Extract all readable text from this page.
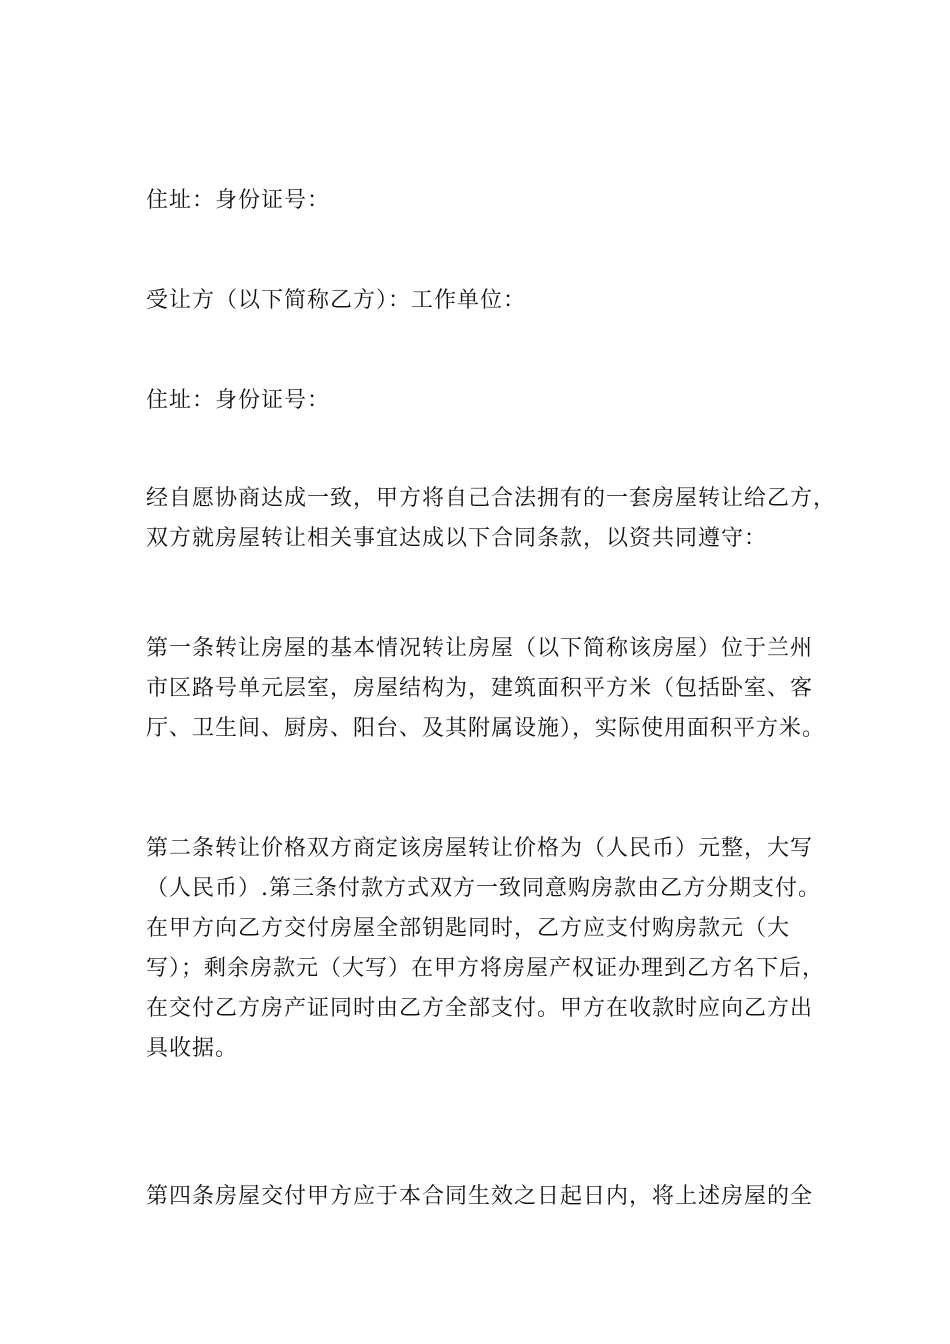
住址：身份证号：

受让方（以下简称乙方）：工作单位：

住址：身份证号：

经自愿协商达成一致，甲方将自己合法拥有的一套房屋转让给乙方，
双方就房屋转让相关事宜达成以下合同条款，以资共同遵守：

第一条转让房屋的基本情况转让房屋（以下简称该房屋）位于兰州
市区路号单元层室，房屋结构为，建筑面积平方米（包括卧室、客
厅、卫生间、厨房、阳台、及其附属设施），实际使用面积平方米。

第二条转让价格双方商定该房屋转让价格为（人民币）元整，大写
（人民币）.第三条付款方式双方一致同意购房款由乙方分期支付。
在甲方向乙方交付房屋全部钥匙同时，乙方应支付购房款元（大
写）；剩余房款元（大写）在甲方将房屋产权证办理到乙方名下后，
在交付乙方房产证同时由乙方全部支付。甲方在收款时应向乙方出
具收据。

第四条房屋交付甲方应于本合同生效之日起日内，将上述房屋的全
